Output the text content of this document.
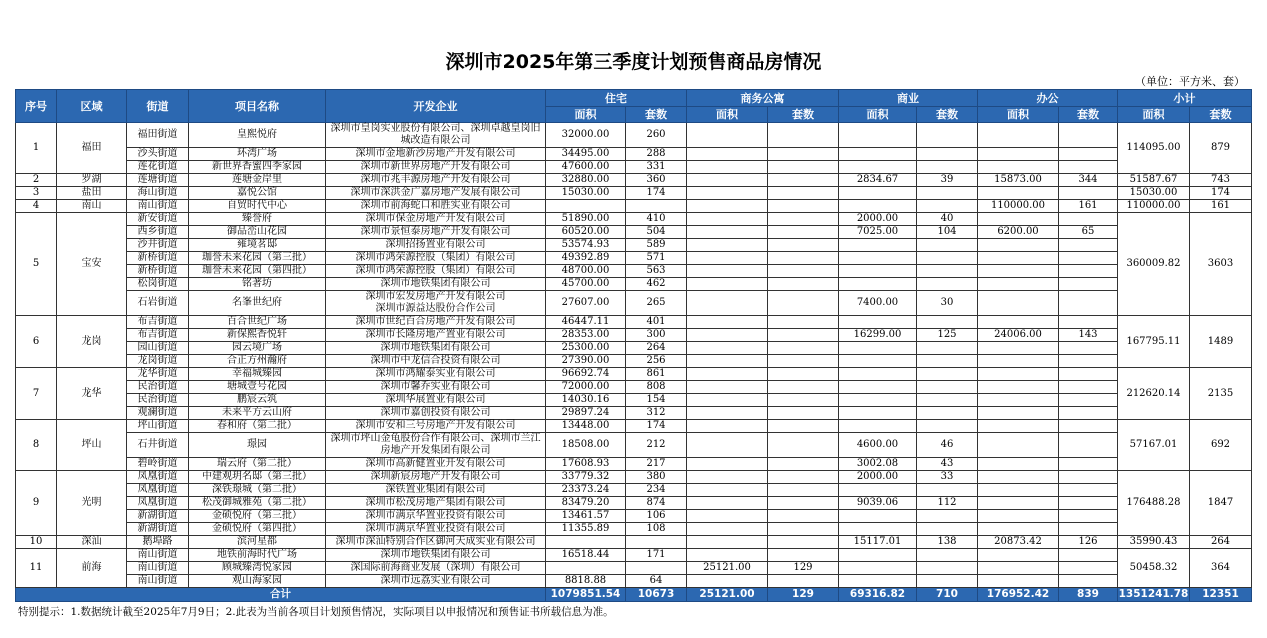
深圳市2025年第三季度计划预售商品房情况
（单位：平方米、套）
序号	区域	街道	项目名称	开发企业	住宅		商务公寓		商业		办公		小计	
					面积	套数	面积	套数	面积	套数	面积	套数	面积	套数
1	福田	福田街道	皇熙悦府	深圳市皇岗实业股份有限公司、深圳卓越皇岗旧城改造有限公司	32000.00	260							114095.00	879
		沙头街道	环湾广场	深圳市金地新沙房地产开发有限公司	34495.00	288								
		莲花街道	新世界香蜜四季家园	深圳市新世界房地产开发有限公司	47600.00	331								
2	罗湖	莲塘街道	莲塘金岸里	深圳市兆丰源房地产开发有限公司	32880.00	360			2834.67	39	15873.00	344	51587.67	743
3	盐田	海山街道	嘉悦公馆	深圳市深洪金广嘉房地产发展有限公司	15030.00	174							15030.00	174
4	南山	南山街道	自贸时代中心	深圳市前海蛇口和胜实业有限公司							110000.00	161	110000.00	161
5	宝安	新安街道	臻誉府	深圳市保金房地产开发有限公司	51890.00	410			2000.00	40			360009.82	3603
		西乡街道	御品峦山花园	深圳市景恒泰房地产开发有限公司	60520.00	504			7025.00	104	6200.00	65		
		沙井街道	雍境茗邸	深圳招扬置业有限公司	53574.93	589								
		新桥街道	珈誉未来花园（第三批）	深圳市鸿荣源控股（集团）有限公司	49392.89	571								
		新桥街道	珈誉未来花园（第四批）	深圳市鸿荣源控股（集团）有限公司	48700.00	563								
		松岗街道	铭著坊	深圳市地铁集团有限公司	45700.00	462								
		石岩街道	名峯世纪府	深圳市宏发房地产开发有限公司
深圳市源益达股份合作公司	27607.00	265			7400.00	30				
6	龙岗	布吉街道	百合世纪广场	深圳市世纪百合房地产开发有限公司	46447.11	401							167795.11	1489
		布吉街道	新保熙香悦轩	深圳市长隆房地产置业有限公司	28353.00	300			16299.00	125	24006.00	143		
		园山街道	园云境广场	深圳市地铁集团有限公司	25300.00	264								
		龙岗街道	合正方州瀚府	深圳市中龙信合投资有限公司	27390.00	256								
7	龙华	龙华街道	幸福城臻园	深圳市鸿耀泰实业有限公司	96692.74	861							212620.14	2135
		民治街道	塘城壹号花园	深圳市馨乔实业有限公司	72000.00	808								
		民治街道	鹏宸云筑	深圳华展置业有限公司	14030.16	154								
		观澜街道	未来平方云山府	深圳市嘉创投资有限公司	29897.24	312								
8	坪山	坪山街道	春和府（第二批）	深圳市安和三号房地产开发有限公司	13448.00	174							57167.01	692
		石井街道	璟园	深圳市坪山金龟股份合作有限公司、深圳市兰江房地产开发集团有限公司	18508.00	212			4600.00	46				
		碧岭街道	瑞云府（第二批）	深圳市高新健置业开发有限公司	17608.93	217			3002.08	43				
9	光明	凤凰街道	中建观玥名邸（第三批）	深圳新宸房地产开发有限公司	33779.32	380			2000.00	33			176488.28	1847
		凤凰街道	深铁璟城（第二批）	深铁置业集团有限公司	23373.24	234								
		凤凰街道	松茂御城雅苑（第二批）	深圳市松茂房地产集团有限公司	83479.20	874			9039.06	112				
		新湖街道	金硕悦府（第三批）	深圳市满京华置业投资有限公司	13461.57	106								
		新湖街道	金硕悦府（第四批）	深圳市满京华置业投资有限公司	11355.89	108								
10	深汕	鹅埠路	滨河星都	深圳市深汕特别合作区御河天成实业有限公司					15117.01	138	20873.42	126	35990.43	264
11	前海	南山街道	地铁前海时代广场	深圳市地铁集团有限公司	16518.44	171							50458.32	364
		南山街道	顾城臻湾悦家园	深国际前海商业发展（深圳）有限公司			25121.00	129						
		南山街道	观山海家园	深圳市远荔实业有限公司	8818.88	64								
合计					1079851.54	10673	25121.00	129	69316.82	710	176952.42	839	1351241.78	12351
特别提示：1.数据统计截至2025年7月9日；2.此表为当前各项目计划预售情况，实际项目以申报情况和预售证书所载信息为准。
